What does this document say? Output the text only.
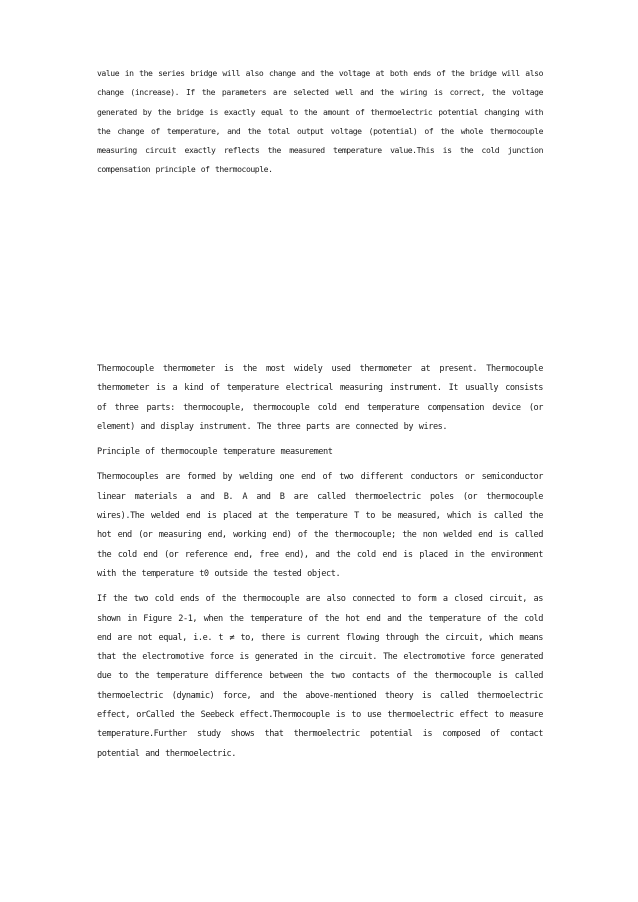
value in the series bridge will also change and the voltage at both ends of the bridge will also change (increase). If the parameters are selected well and the wiring is correct, the voltage generated by the bridge is exactly equal to the amount of thermoelectric potential changing with the change of temperature, and the total output voltage (potential) of the whole thermocouple measuring circuit exactly reflects the measured temperature value.This is the cold junction compensation principle of thermocouple.

Thermocouple thermometer is the most widely used thermometer at present. Thermocouple thermometer is a kind of temperature electrical measuring instrument. It usually consists of three parts: thermocouple, thermocouple cold end temperature compensation device (or element) and display instrument. The three parts are connected by wires.

Principle of thermocouple temperature measurement

Thermocouples are formed by welding one end of two different conductors or semiconductor linear materials a and B. A and B are called thermoelectric poles (or thermocouple wires).The welded end is placed at the temperature T to be measured, which is called the hot end (or measuring end, working end) of the thermocouple; the non welded end is called the cold end (or reference end, free end), and the cold end is placed in the environment with the temperature t0 outside the tested object.

If the two cold ends of the thermocouple are also connected to form a closed circuit, as shown in Figure 2-1, when the temperature of the hot end and the temperature of the cold end are not equal, i.e. t ≠ to, there is current flowing through the circuit, which means that the electromotive force is generated in the circuit. The electromotive force generated due to the temperature difference between the two contacts of the thermocouple is called thermoelectric (dynamic) force, and the above-mentioned theory is called thermoelectric effect, orCalled the Seebeck effect.Thermocouple is to use thermoelectric effect to measure temperature.Further study shows that thermoelectric potential is composed of contact potential and thermoelectric.
